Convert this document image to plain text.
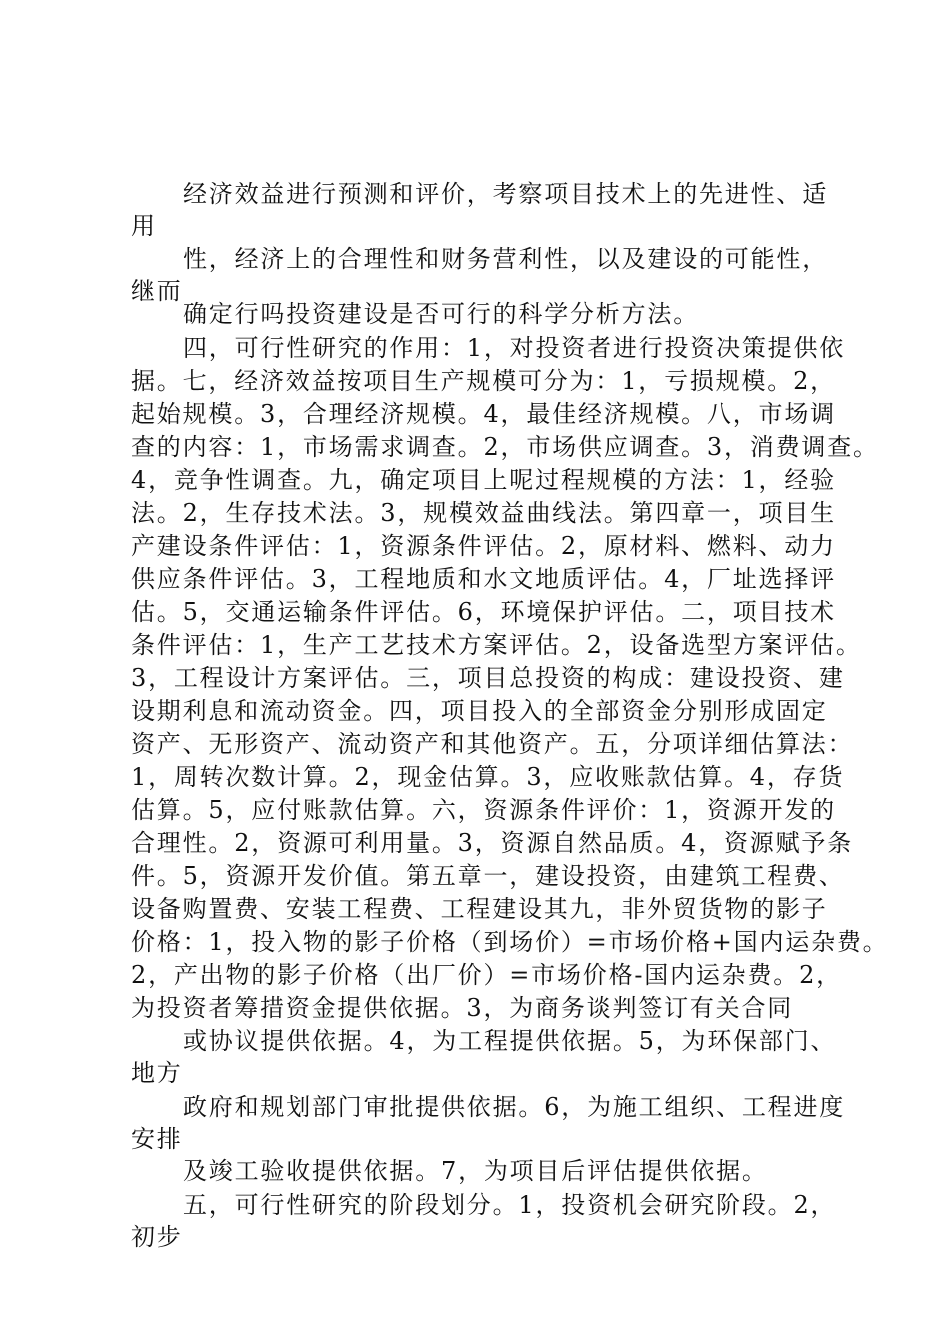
经济效益进行预测和评价，考察项目技术上的先进性、适
用
性，经济上的合理性和财务营利性，以及建设的可能性，
继而
确定行吗投资建设是否可行的科学分析方法。
四，可行性研究的作用：1，对投资者进行投资决策提供依
据。七，经济效益按项目生产规模可分为：1，亏损规模。2，
起始规模。3，合理经济规模。4，最佳经济规模。八，市场调
查的内容：1，市场需求调查。2，市场供应调查。3，消费调查。
4，竞争性调查。九，确定项目上呢过程规模的方法：1，经验
法。2，生存技术法。3，规模效益曲线法。第四章一，项目生
产建设条件评估：1，资源条件评估。2，原材料、燃料、动力
供应条件评估。3，工程地质和水文地质评估。4，厂址选择评
估。5，交通运输条件评估。6，环境保护评估。二，项目技术
条件评估：1，生产工艺技术方案评估。2，设备选型方案评估。
3，工程设计方案评估。三，项目总投资的构成：建设投资、建
设期利息和流动资金。四，项目投入的全部资金分别形成固定
资产、无形资产、流动资产和其他资产。五，分项详细估算法：
1，周转次数计算。2，现金估算。3，应收账款估算。4，存货
估算。5，应付账款估算。六，资源条件评价：1，资源开发的
合理性。2，资源可利用量。3，资源自然品质。4，资源赋予条
件。5，资源开发价值。第五章一，建设投资，由建筑工程费、
设备购置费、安装工程费、工程建设其九，非外贸货物的影子
价格：1，投入物的影子价格（到场价）=市场价格+国内运杂费。
2，产出物的影子价格（出厂价）=市场价格-国内运杂费。2，
为投资者筹措资金提供依据。3，为商务谈判签订有关合同
或协议提供依据。4，为工程提供依据。5，为环保部门、
地方
政府和规划部门审批提供依据。6，为施工组织、工程进度
安排
及竣工验收提供依据。7，为项目后评估提供依据。
五，可行性研究的阶段划分。1，投资机会研究阶段。2，
初步
